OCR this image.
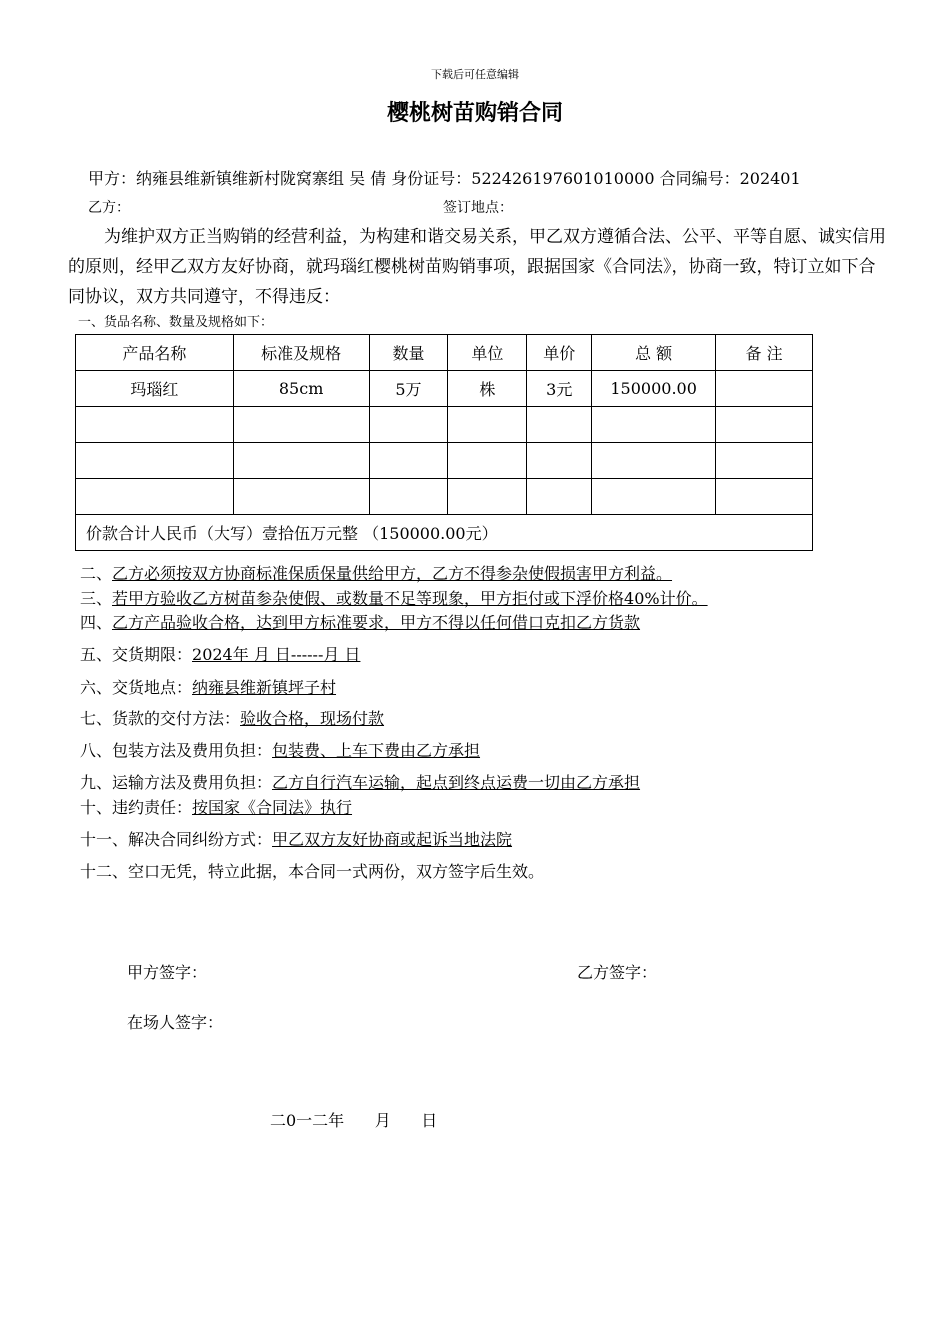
下载后可任意编辑
樱桃树苗购销合同
甲方：纳雍县维新镇维新村陇窝寨组 吴 倩 身份证号：522426197601010000 合同编号：202401
乙方：	签订地点：
为维护双方正当购销的经营利益，为构建和谐交易关系，甲乙双方遵循合法、公平、平等自愿、诚实信用的原则，经甲乙双方友好协商，就玛瑙红樱桃树苗购销事项，跟据国家《合同法》，协商一致，特订立如下合同协议，双方共同遵守，不得违反：
一、货品名称、数量及规格如下：
产品名称	标准及规格	数量	单位	单价	总 额	备 注
玛瑙红	85cm	5万	株	3元	150000.00	

价款合计人民币（大写）壹拾伍万元整 （150000.00元）						
二、乙方必须按双方协商标准保质保量供给甲方，乙方不得参杂使假损害甲方利益。
三、若甲方验收乙方树苗参杂使假、或数量不足等现象，甲方拒付或下浮价格40%计价。
四、乙方产品验收合格，达到甲方标准要求，甲方不得以任何借口克扣乙方货款
五、交货期限：2024年 月 日------月 日
六、交货地点：纳雍县维新镇坪子村
七、货款的交付方法：验收合格，现场付款
八、包装方法及费用负担：包装费、上车下费由乙方承担
九、运输方法及费用负担：乙方自行汽车运输，起点到终点运费一切由乙方承担
十、违约责任：按国家《合同法》执行
十一、解决合同纠纷方式：甲乙双方友好协商或起诉当地法院
十二、空口无凭，特立此据，本合同一式两份，双方签字后生效。
甲方签字：	乙方签字：
在场人签字：
二0一二年      月      日
